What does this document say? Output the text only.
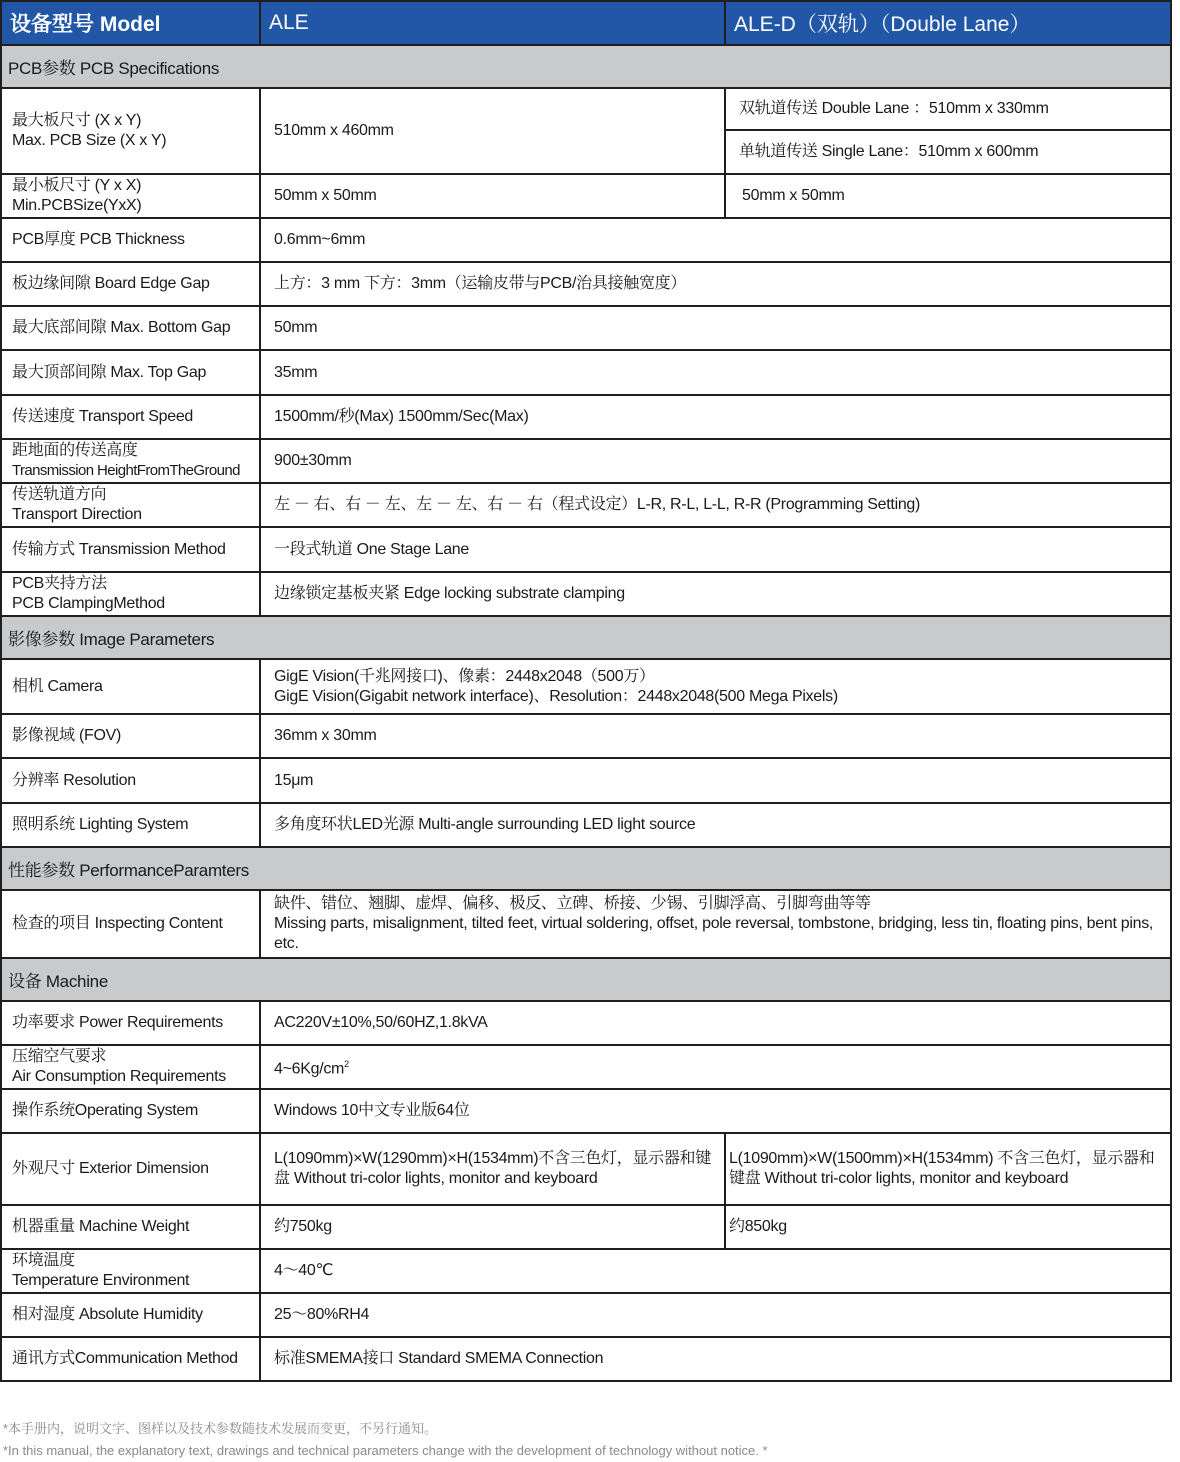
设备型号 Model	ALE	ALE-D（双轨）（Double Lane）
PCB参数 PCB Specifications		

最大板尺寸 (X x Y)
Max. PCB Size (X x Y)	510mm x 460mm	双轨道传送 Double Lane ：510mm x 330mm
		单轨道传送 Single Lane：510mm x 600mm

最小板尺寸 (Y x X)
Min.PCBSize(YxX)	50mm x 50mm	50mm x 50mm
PCB厚度 PCB Thickness	0.6mm~6mm	
板边缘间隙 Board Edge Gap	上方：3 mm 下方：3mm（运输皮带与PCB/治具接触宽度）	
最大底部间隙 Max. Bottom Gap	50mm	
最大顶部间隙 Max. Top Gap	35mm	
传送速度 Transport Speed	1500mm/秒(Max) 1500mm/Sec(Max)	

距地面的传送高度
Transmission HeightFromTheGround	900±30mm	

传送轨道方向
Transport Direction	左 － 右、右 － 左、左 － 左、右 － 右（程式设定）L-R, R-L, L-L, R-R (Programming Setting)	
传输方式 Transmission Method	一段式轨道 One Stage Lane	

PCB夹持方法
PCB ClampingMethod	边缘锁定基板夹紧 Edge locking substrate clamping	
影像参数 Image Parameters		
相机 Camera	GigE Vision(千兆网接口)、像素：2448x2048（500万）
GigE Vision(Gigabit network interface)、Resolution：2448x2048(500 Mega Pixels)	

影像视域 (FOV)	36mm x 30mm	
分辨率 Resolution	15μm	
照明系统 Lighting System	多角度环状LED光源 Multi-angle surrounding LED light source	
性能参数 PerformanceParamters		
检查的项目 Inspecting Content	缺件、错位、翘脚、虚焊、偏移、极反、立碑、桥接、少锡、引脚浮高、引脚弯曲等等
Missing parts, misalignment, tilted feet, virtual soldering, offset, pole reversal, tombstone, bridging, less tin, floating pins, bent pins, etc.	

设备 Machine		
功率要求 Power Requirements	AC220V±10%,50/60HZ,1.8kVA	

压缩空气要求
Air Consumption Requirements	$4\sim 6Kg/cm^2$
操作系统Operating System	Windows 10中文专业版64位	
外观尺寸 Exterior Dimension	L(1090mm)×W(1290mm)×H(1534mm)不含三色灯，显示器和键盘 Without tri-color lights, monitor and keyboard	L(1090mm)×W(1500mm)×H(1534mm) 不含三色灯，显示器和键盘 Without tri-color lights, monitor and keyboard
机器重量 Machine Weight	约750kg	约850kg

环境温度
Temperature Environment	4～40℃	
相对湿度 Absolute Humidity	25～80%RH4	
通讯方式Communication Method	标准SMEMA接口 Standard SMEMA Connection	
*本手册内，说明文字、图样以及技术参数随技术发展而变更，不另行通知。
*In this manual, the explanatory text, drawings and technical parameters change with the development of technology without notice. *
